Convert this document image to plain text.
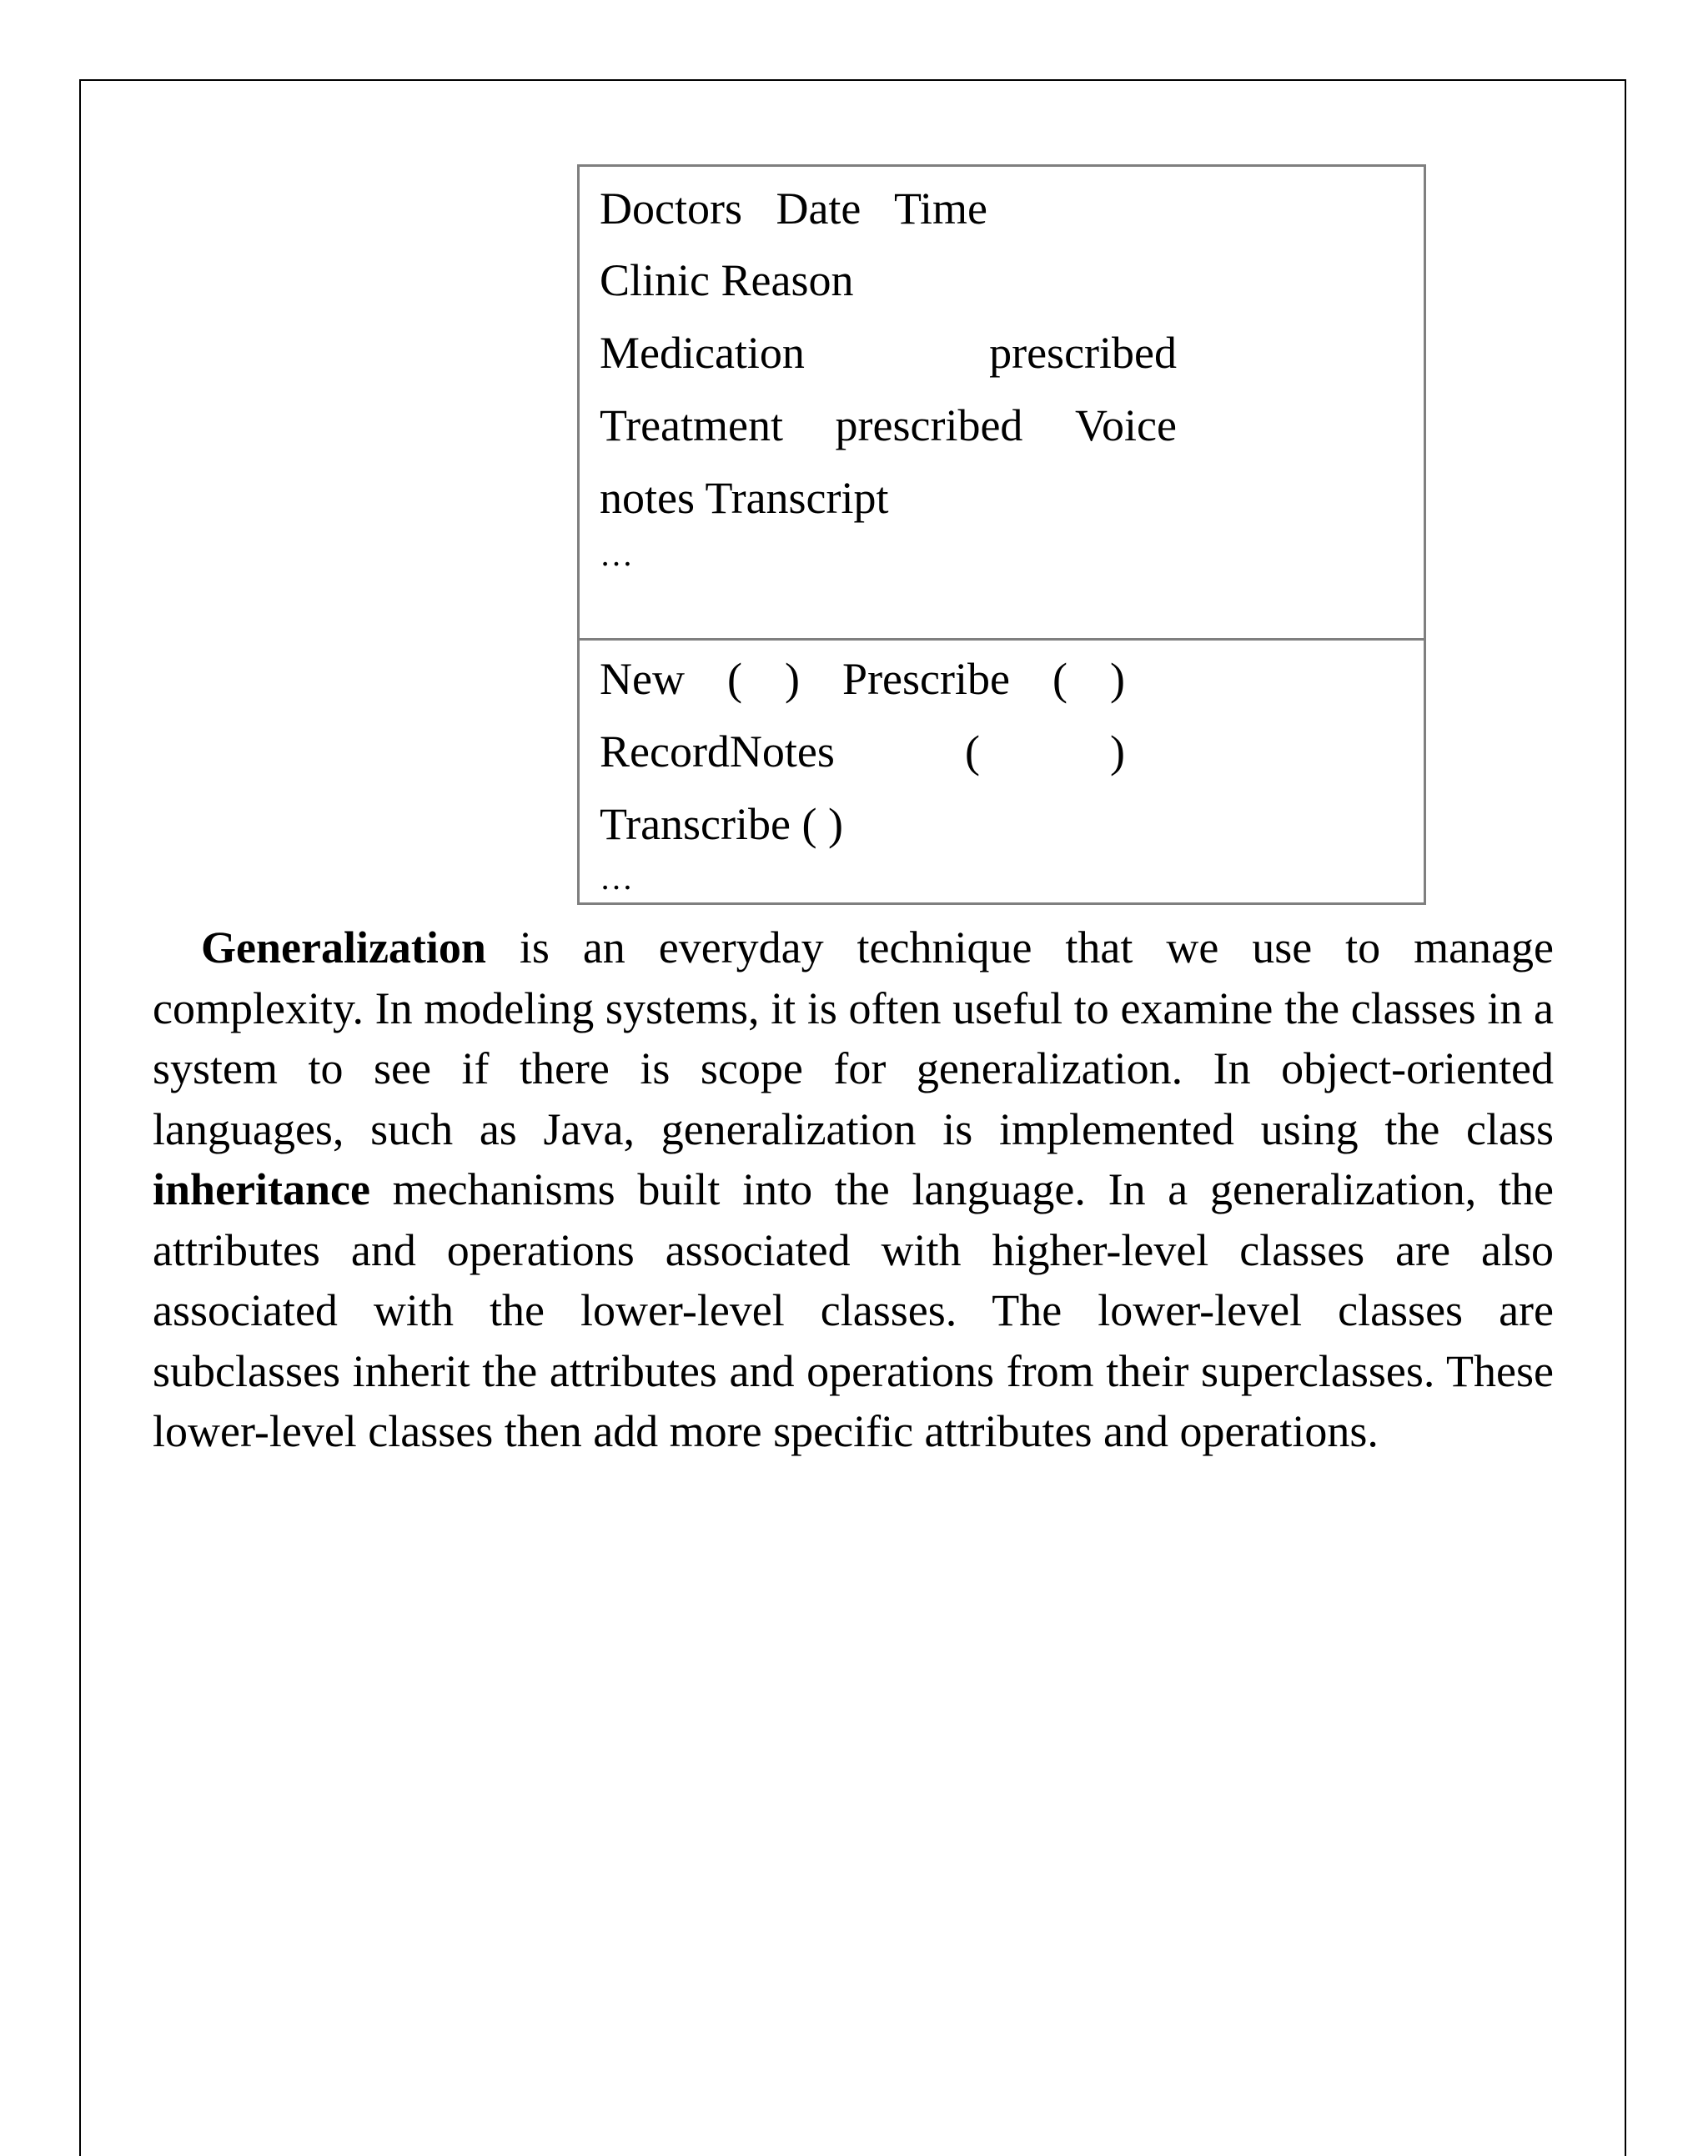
Doctors Date Time
Clinic Reason
Medication	prescribed
Treatment prescribed Voice
notes Transcript
…
New ( ) Prescribe ( )
RecordNotes	(	)
Transcribe ( )
…

Generalization is an everyday technique that we use to manage complexity. In modeling systems, it is often useful to examine the classes in a system to see if there is scope for generalization. In object-oriented languages, such as Java, generalization is implemented using the class inheritance mechanisms built into the language. In a generalization, the attributes and operations associated with higher-level classes are also associated with the lower-level classes. The lower-level classes are subclasses inherit the attributes and operations from their superclasses. These lower-level classes then add more specific attributes and operations.
